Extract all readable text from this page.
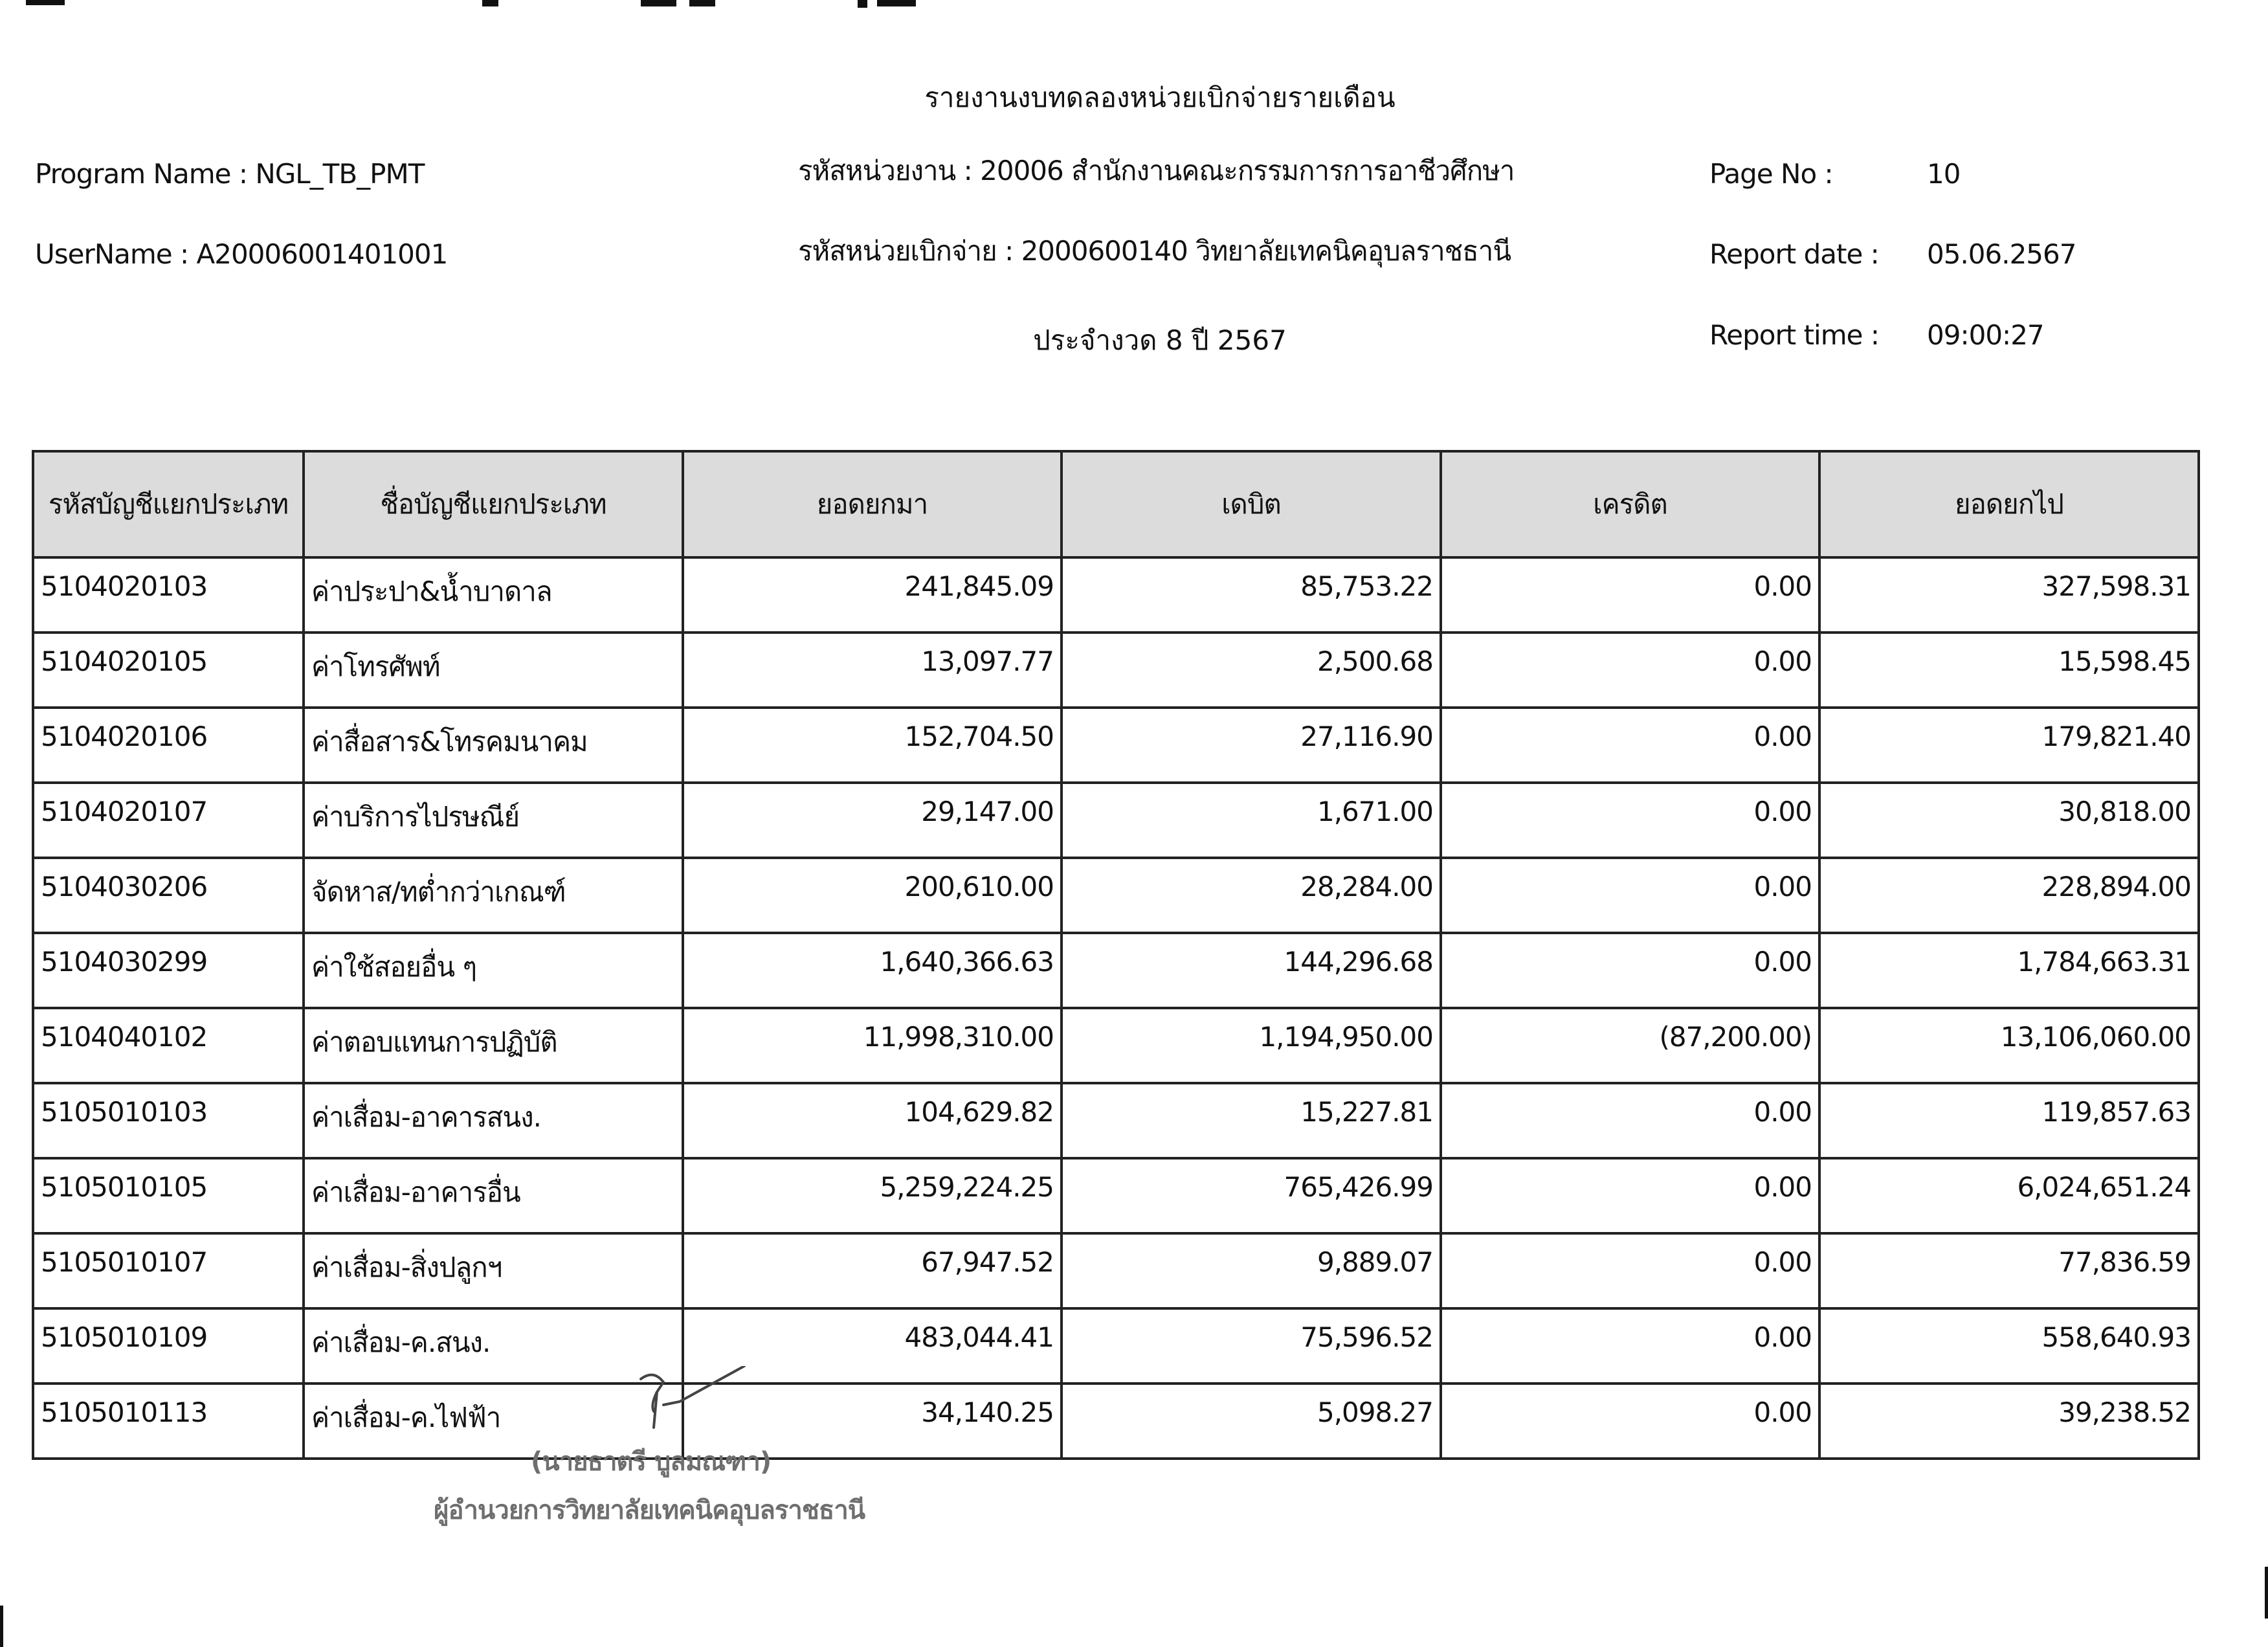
รายงานงบทดลองหน่วยเบิกจ่ายรายเดือน
Program Name : NGL_TB_PMT	รหัสหน่วยงาน : 20006 สำนักงานคณะกรรมการการอาชีวศึกษา	Page No :	10
UserName : A20006001401001	รหัสหน่วยเบิกจ่าย : 2000600140 วิทยาลัยเทคนิคอุบลราชธานี	Report date : 05.06.2567
ประจำงวด 8 ปี 2567	Report time : 09:00:27
รหัสบัญชีแยกประเภท	ชื่อบัญชีแยกประเภท	ยอดยกมา	เดบิต	เครดิต	ยอดยกไป
5104020103	ค่าประปา&น้ำบาดาล	241,845.09	85,753.22	0.00	327,598.31
5104020105	ค่าโทรศัพท์	13,097.77	2,500.68	0.00	15,598.45
5104020106	ค่าสื่อสาร&โทรคมนาคม	152,704.50	27,116.90	0.00	179,821.40
5104020107	ค่าบริการไปรษณีย์	29,147.00	1,671.00	0.00	30,818.00
5104030206	จัดหาส/ทต่ำกว่าเกณฑ์	200,610.00	28,284.00	0.00	228,894.00
5104030299	ค่าใช้สอยอื่น ๆ	1,640,366.63	144,296.68	0.00	1,784,663.31
5104040102	ค่าตอบแทนการปฏิบัติ	11,998,310.00	1,194,950.00	(87,200.00)	13,106,060.00
5105010103	ค่าเสื่อม-อาคารสนง.	104,629.82	15,227.81	0.00	119,857.63
5105010105	ค่าเสื่อม-อาคารอื่น	5,259,224.25	765,426.99	0.00	6,024,651.24
5105010107	ค่าเสื่อม-สิ่งปลูกฯ	67,947.52	9,889.07	0.00	77,836.59
5105010109	ค่าเสื่อม-ค.สนง.	483,044.41	75,596.52	0.00	558,640.93
5105010113	ค่าเสื่อม-ค.ไฟฟ้า	34,140.25	5,098.27	0.00	39,238.52
(นายธาตรี บูลมณฑา)
ผู้อำนวยการวิทยาลัยเทคนิคอุบลราชธานี
